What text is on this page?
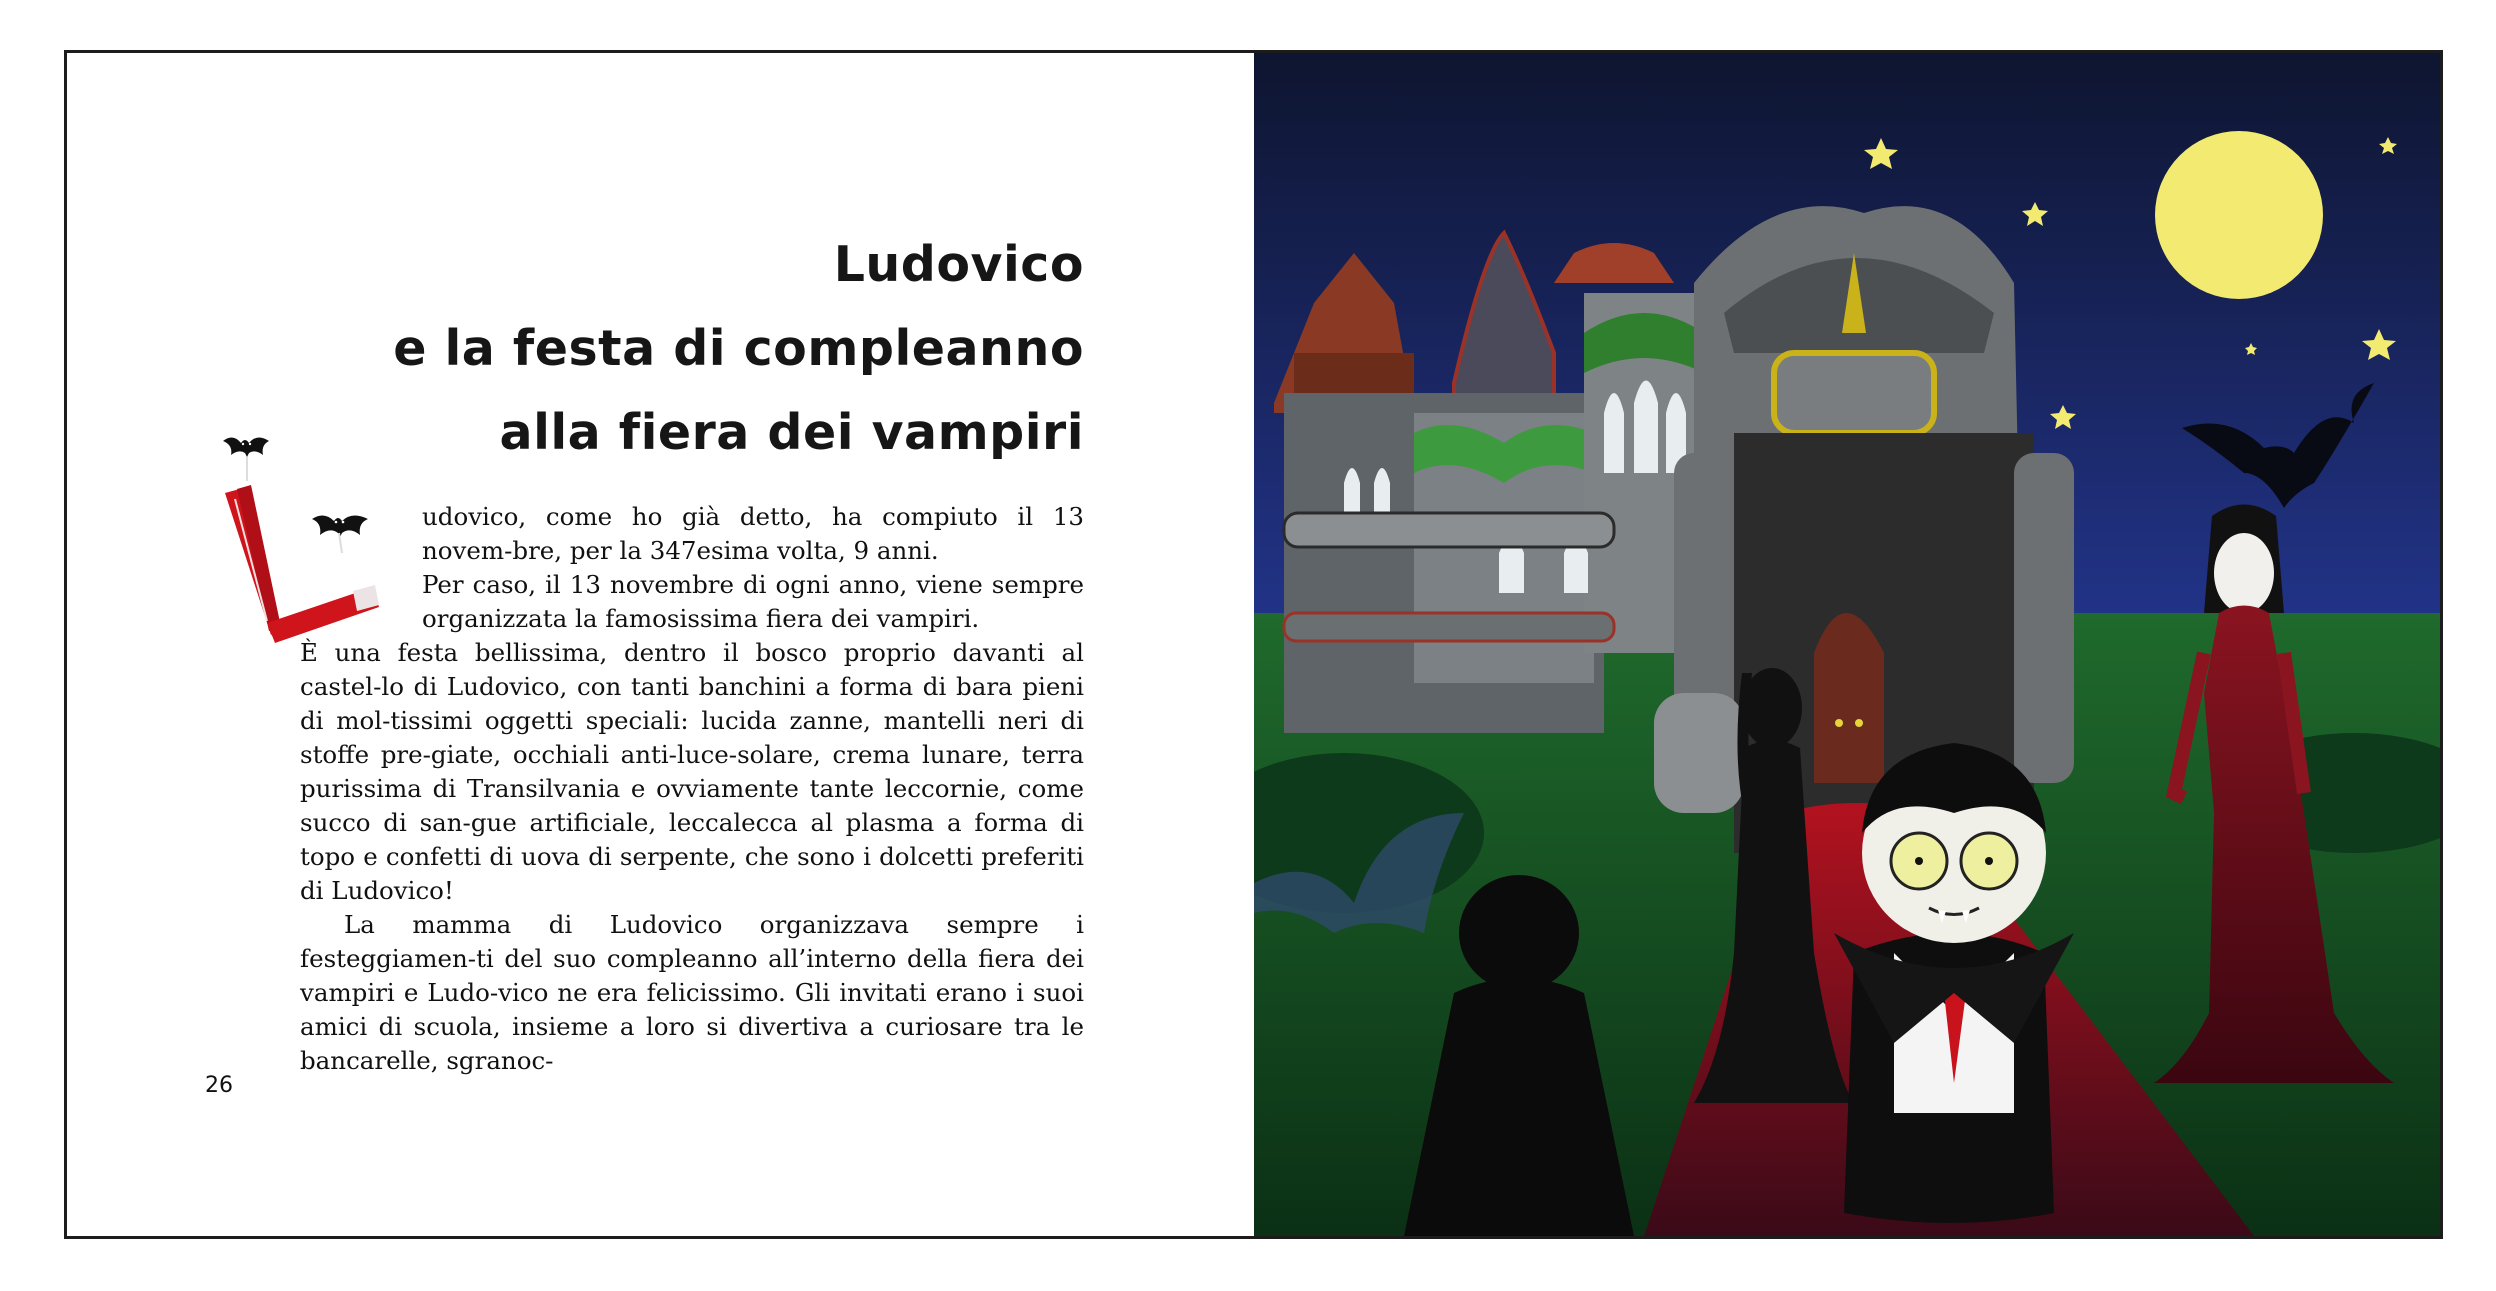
Ludovico
e la festa di compleanno
alla fiera dei vampiri

udovico, come ho già detto, ha compiuto il 13 novem-bre, per la 347esima volta, 9 anni.

Per caso, il 13 novembre di ogni anno, viene sempre organizzata la famosissima fiera dei vampiri.

È una festa bellissima, dentro il bosco proprio davanti al castel-lo di Ludovico, con tanti banchini a forma di bara pieni di mol-tissimi oggetti speciali: lucida zanne, mantelli neri di stoffe pre-giate, occhiali anti-luce-solare, crema lunare, terra purissima di Transilvania e ovviamente tante leccornie, come succo di san-gue artificiale, leccalecca al plasma a forma di topo e confetti di uova di serpente, che sono i dolcetti preferiti di Ludovico!

La mamma di Ludovico organizzava sempre i festeggiamen-ti del suo compleanno all’interno della fiera dei vampiri e Ludo-vico ne era felicissimo. Gli invitati erano i suoi amici di scuola, insieme a loro si divertiva a curiosare tra le bancarelle, sgranoc-

26
